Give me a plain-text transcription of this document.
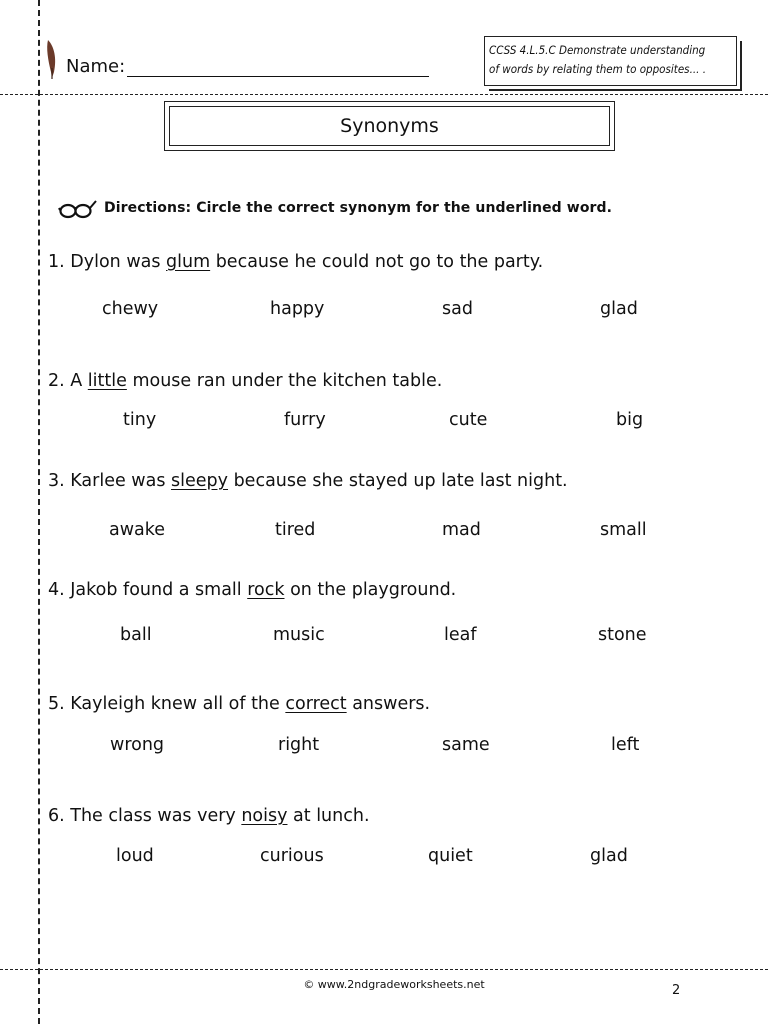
Name:
CCSS 4.L.5.C Demonstrate understanding
of words by relating them to opposites... .
Synonyms
Directions: Circle the correct synonym for the underlined word.
1. Dylon was glum because he could not go to the party.
chewy	happy	sad	glad
2. A little mouse ran under the kitchen table.
tiny	furry	cute	big
3. Karlee was sleepy because she stayed up late last night.
awake	tired	mad	small
4. Jakob found a small rock on the playground.
ball	music	leaf	stone
5. Kayleigh knew all of the correct answers.
wrong	right	same	left
6. The class was very noisy at lunch.
loud	curious	quiet	glad
© www.2ndgradeworksheets.net	2
